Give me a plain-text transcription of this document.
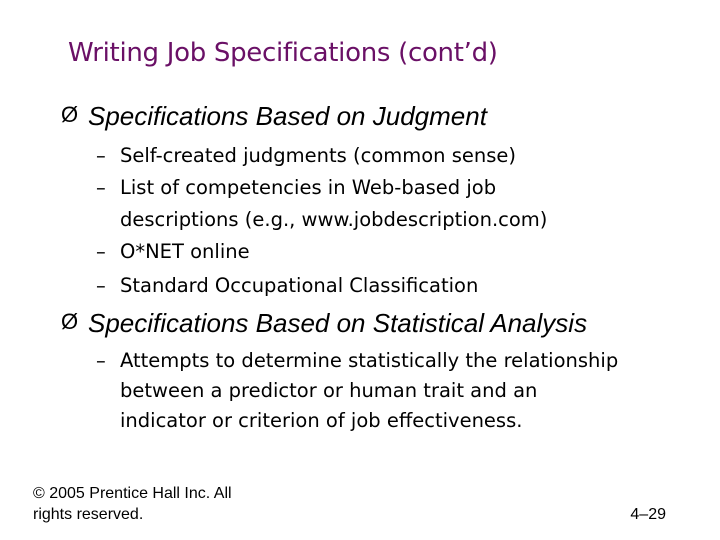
Writing Job Specifications (cont’d)
Ø Specifications Based on Judgment
– Self-created judgments (common sense)
– List of competencies in Web-based job
descriptions (e.g., www.jobdescription.com)
– O*NET online
– Standard Occupational Classification
Ø Specifications Based on Statistical Analysis
– Attempts to determine statistically the relationship
between a predictor or human trait and an
indicator or criterion of job effectiveness.
© 2005 Prentice Hall Inc. All
rights reserved.	4–29
